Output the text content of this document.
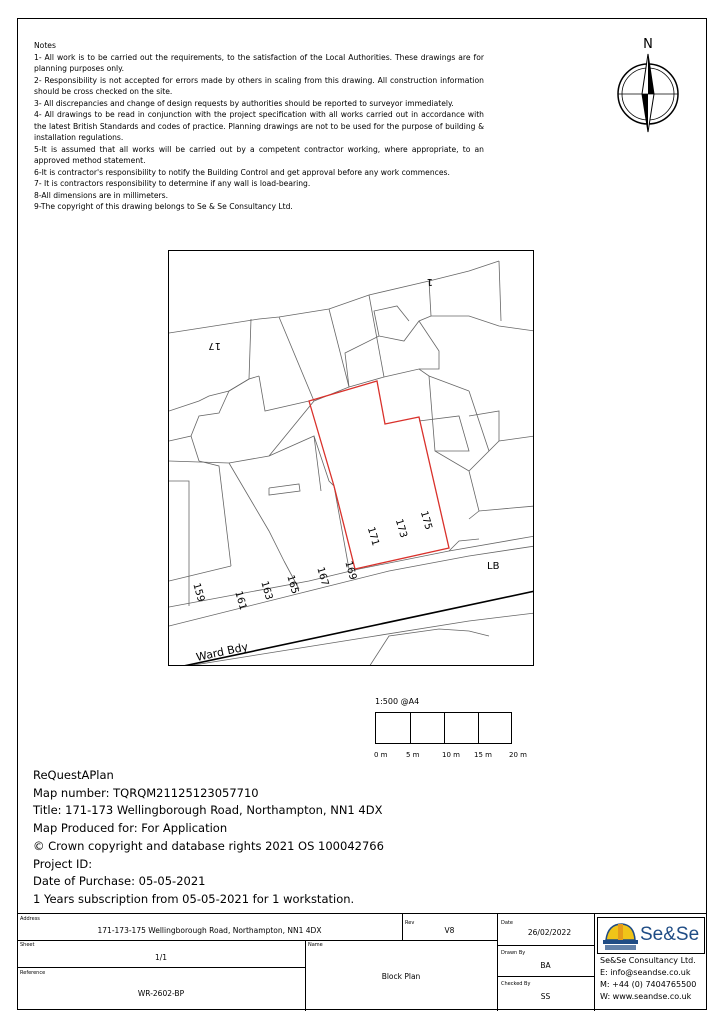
Notes
1- All work is to be carried out the requirements, to the satisfaction of the Local Authorities. These drawings are for planning purposes only.
2- Responsibility is not accepted for errors made by others in scaling from this drawing. All construction information should be cross checked on the site.
3- All discrepancies and change of design requests by authorities should be reported to surveyor immediately.
4- All drawings to be read in conjunction with the project specification with all works carried out in accordance with the latest British Standards and codes of practice. Planning drawings are not to be used for the purpose of building & installation regulations.
5-It is assumed that all works will be carried out by a competent contractor working, where appropriate, to an approved method statement.
6-It is contractor's responsibility to notify the Building Control and get approval before any work commences.
7- It is contractors responsibility to determine if any wall is load-bearing.
8-All dimensions are in millimeters.
9-The copyright of this drawing belongs to Se & Se Consultancy Ltd.
N
1
17
171 173 175
159	161 163 165 167 169	LB
Ward Bdy
1:500 @A4
0 m	5 m	10 m 15 m 20 m
ReQuestAPlan
Map number: TQRQM21125123057710
Title: 171-173 Wellingborough Road, Northampton, NN1 4DX
Map Produced for: For Application
© Crown copyright and database rights 2021 OS 100042766
Project ID:
Date of Purchase: 05-05-2021
1 Years subscription from 05-05-2021 for 1 workstation.
Address
171-173-175 Wellingborough Road, Northampton, NN1 4DX
Rev
V8
Date
26/02/2022
Sheet
1/1
Name
Block Plan
Drawn By
BA
Reference
WR-2602-BP
Checked By
SS
Se&Se
Se&Se Consultancy Ltd.
E: info@seandse.co.uk
M: +44 (0) 7404765500
W: www.seandse.co.uk
